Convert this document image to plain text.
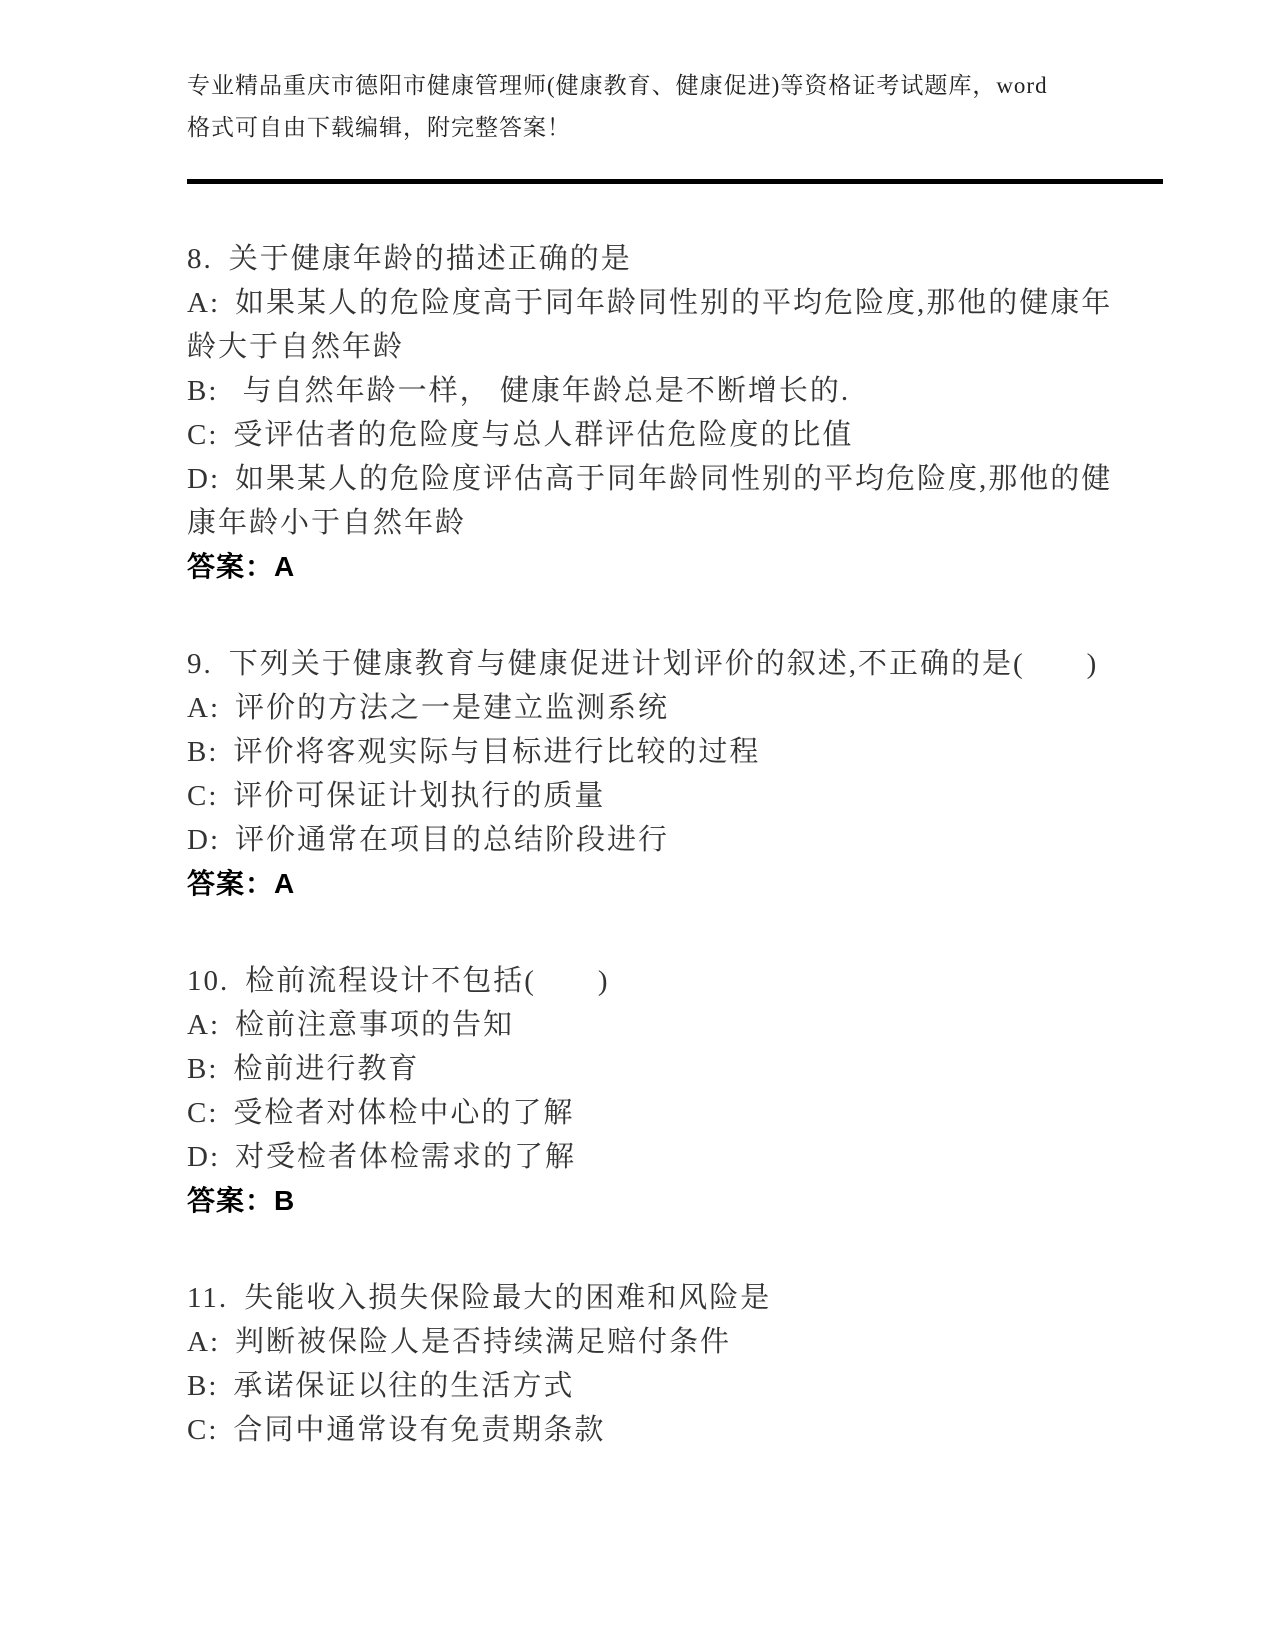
专业精品重庆市德阳市健康管理师(健康教育、健康促进)等资格证考试题库，word
格式可自由下载编辑，附完整答案！

8. 关于健康年龄的描述正确的是

A: 如果某人的危险度高于同年龄同性别的平均危险度,那他的健康年龄大于自然年龄

B: 与自然年龄一样， 健康年龄总是不断增长的.

C: 受评估者的危险度与总人群评估危险度的比值

D: 如果某人的危险度评估高于同年龄同性别的平均危险度,那他的健康年龄小于自然年龄

答案：A

9. 下列关于健康教育与健康促进计划评价的叙述,不正确的是(　　)

A: 评价的方法之一是建立监测系统

B: 评价将客观实际与目标进行比较的过程

C: 评价可保证计划执行的质量

D: 评价通常在项目的总结阶段进行

答案：A

10. 检前流程设计不包括(　　)

A: 检前注意事项的告知

B: 检前进行教育

C: 受检者对体检中心的了解

D: 对受检者体检需求的了解

答案：B

11. 失能收入损失保险最大的困难和风险是

A: 判断被保险人是否持续满足赔付条件

B: 承诺保证以往的生活方式

C: 合同中通常设有免责期条款
